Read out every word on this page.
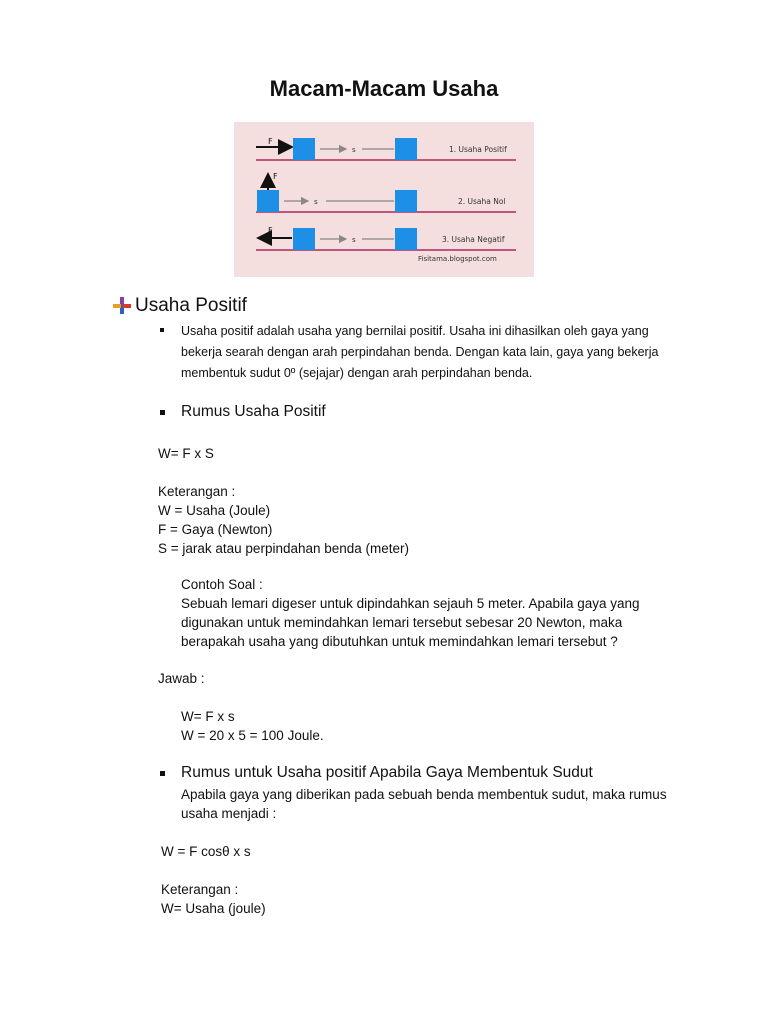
Macam-Macam Usaha
F
s	1. Usaha Positif
F
s	2. Usaha Nol
F
s	3. Usaha Negatif
Fisitama.blogspot.com
Usaha Positif
Usaha positif adalah usaha yang bernilai positif. Usaha ini dihasilkan oleh gaya yang
bekerja searah dengan arah perpindahan benda. Dengan kata lain, gaya yang bekerja
membentuk sudut 0º (sejajar) dengan arah perpindahan benda.
Rumus Usaha Positif
W= F x S
Keterangan :
W = Usaha (Joule)
F = Gaya (Newton)
S = jarak atau perpindahan benda (meter)
Contoh Soal :
Sebuah lemari digeser untuk dipindahkan sejauh 5 meter. Apabila gaya yang
digunakan untuk memindahkan lemari tersebut sebesar 20 Newton, maka
berapakah usaha yang dibutuhkan untuk memindahkan lemari tersebut ?
Jawab :
W= F x s
W = 20 x 5 = 100 Joule.
Rumus untuk Usaha positif Apabila Gaya Membentuk Sudut
Apabila gaya yang diberikan pada sebuah benda membentuk sudut, maka rumus
usaha menjadi :
W = F cosθ x s
Keterangan :
W= Usaha (joule)
